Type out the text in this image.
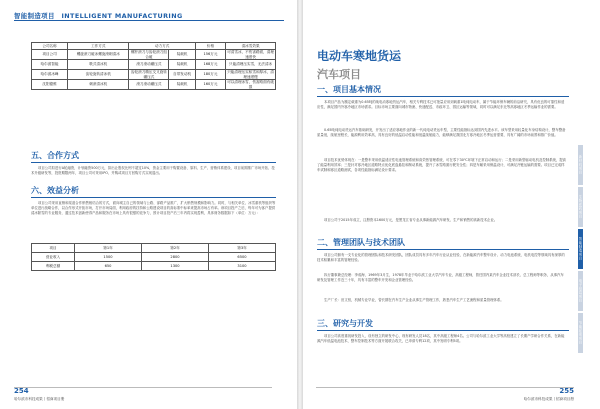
智能制造项目　INTELLIGENT MANUFACTURING
公司名称	工作方式	动力方式		价格	清冰雪效果
项目公司	螺旋滚刀破冰螺旋滚刷清冰	螺杆滚刀与齿轮滚刀组合破	装载机	156万元	可清雪冰，不伤害路面，清理速度快
哈尔滨智能	吸式清冰机	滚刀滚动碾压式	装载机	168万元	只能清理压实雪，无法清冰
哈尔滨冰峰	齿轮旋转清冰机	齿轮滚刀精压交叉旋转碾压式	自带发动机	180万元	只能清理压实积雪和厚冰，清理速度慢
沈阳德维	刺滚清冰机	滚刀滚动碾压式	装载机	160万元	可以清理冰雪，伤害路面有破损
五、合作方式

项目公司拟进行A轮融资，计划融资500万元，拟出让股权比例不超过10%，资金主要用于购置设备、原料、生产、营销体系建设、项目前期推广市场开拓、技术升级研发等，投资期限两年，项目公司可采用IPO、并购或项目方回购方式实现退出。

六、效益分析

项目公司采用直销和渠道合作销售相结合的方式，面向城主自己的领域与公路、部路产品推广，扩大销售规模和影响力。同时，与相关单位、冰雪重机等组织等单位进行战略合作，以合作形式开拓市场，打开市场局面，利用政府的扶持和公路建设项目的高标准中标率来提高市场占有率。该项目投产之后，每年可为客户提供清冰除雪的专业服务，通过技术创新使得产品和服务在市场上具有很强的竞争力，预计项目投产后三年内将实现盈利，具体财务数据如下（单位：万元）：

项目	第1年	第2年	第3年
营业收入	1500	2800	6500
利税总额	650	1300	3100
254
哈尔滨市科技成果丨招商项目册
电动车寒地货运
汽车项目
一、项目基本情况

本项目产品为额定载重为0.65吨的纯电动寒地货运汽车，相关专利技术已可批量应用到载重1吨纯电动车，属于节能环保车辆的前沿研究，具有优良的可靠性和适应性，满足国内外寒冷地区市场需求。目标市场主要面向城市物流、快递配送、市政环卫、园区运输等领域，同时可以满足东北等高寒地区冬季运输作业的需要。

0.65吨纯电动货运汽车基础研发，开发出了适应寒地作业的新一代纯电动货运车型，主要性能指标达到国内先进水平。该车型采用轻量化车身结构设计，整车整备质量低，续航里程长，能源利用效率高，具有良好的低温启动性能和低温续航能力，能够满足我国北方寒冷地区冬季运营需要，具有广阔的市场前景和推广价值。

项目技术优势体现在：一是整车采用低温适应性电池管理系统和高效热管理系统，可在零下30℃环境下正常启动和运行；二是采用新型驱动电机及控制系统，提高了能量利用效率；三是针对寒冷地区道路特点优化底盘悬挂和制动系统，提升了冰雪路面行驶安全性；四是车厢采用保温设计，可满足冷链运输的需要。项目已完成样车试制和寒区道路测试，各项性能指标满足设计要求。

项目公司于2015年成立，注册资本1600万元，是黑龙江省专业从事新能源汽车研发、生产和销售的高新技术企业。

二、管理团队与技术团队

项目公司拥有一支专业化的管理团队和技术研发团队，团队成员具有多年汽车行业从业经验，在新能源汽车整车设计、动力电池系统、电机电控等领域具有深厚的技术积累和丰富的管理经验。

执行董事兼总经理：李成海，1969年3月生，1978年毕业于哈尔滨工业大学汽车专业，高级工程师，曾任国内某汽车企业技术部长、总工程师等职务，从事汽车研发及管理工作近三十年，具有丰富的整车开发和企业管理经验。

生产厂长：田文恒，机械专业毕业，曾长期在汽车生产企业从事生产管理工作，熟悉汽车生产工艺流程和质量管理体系。

三、研究与开发

项目公司高度重视研发投入，设有独立的研发中心，现有研发人员18名，其中高级工程师4名。公司与哈尔滨工业大学等高校建立了长期产学研合作关系，在新能源汽车低温电池技术、整车控制技术等方面开展联合攻关，已申请专利12项，其中发明专利5项。

新材料项目
生物医药项目
智能制造项目
电子信息项目
节能环保项目
255
哈尔滨市科技成果丨招商项目册
